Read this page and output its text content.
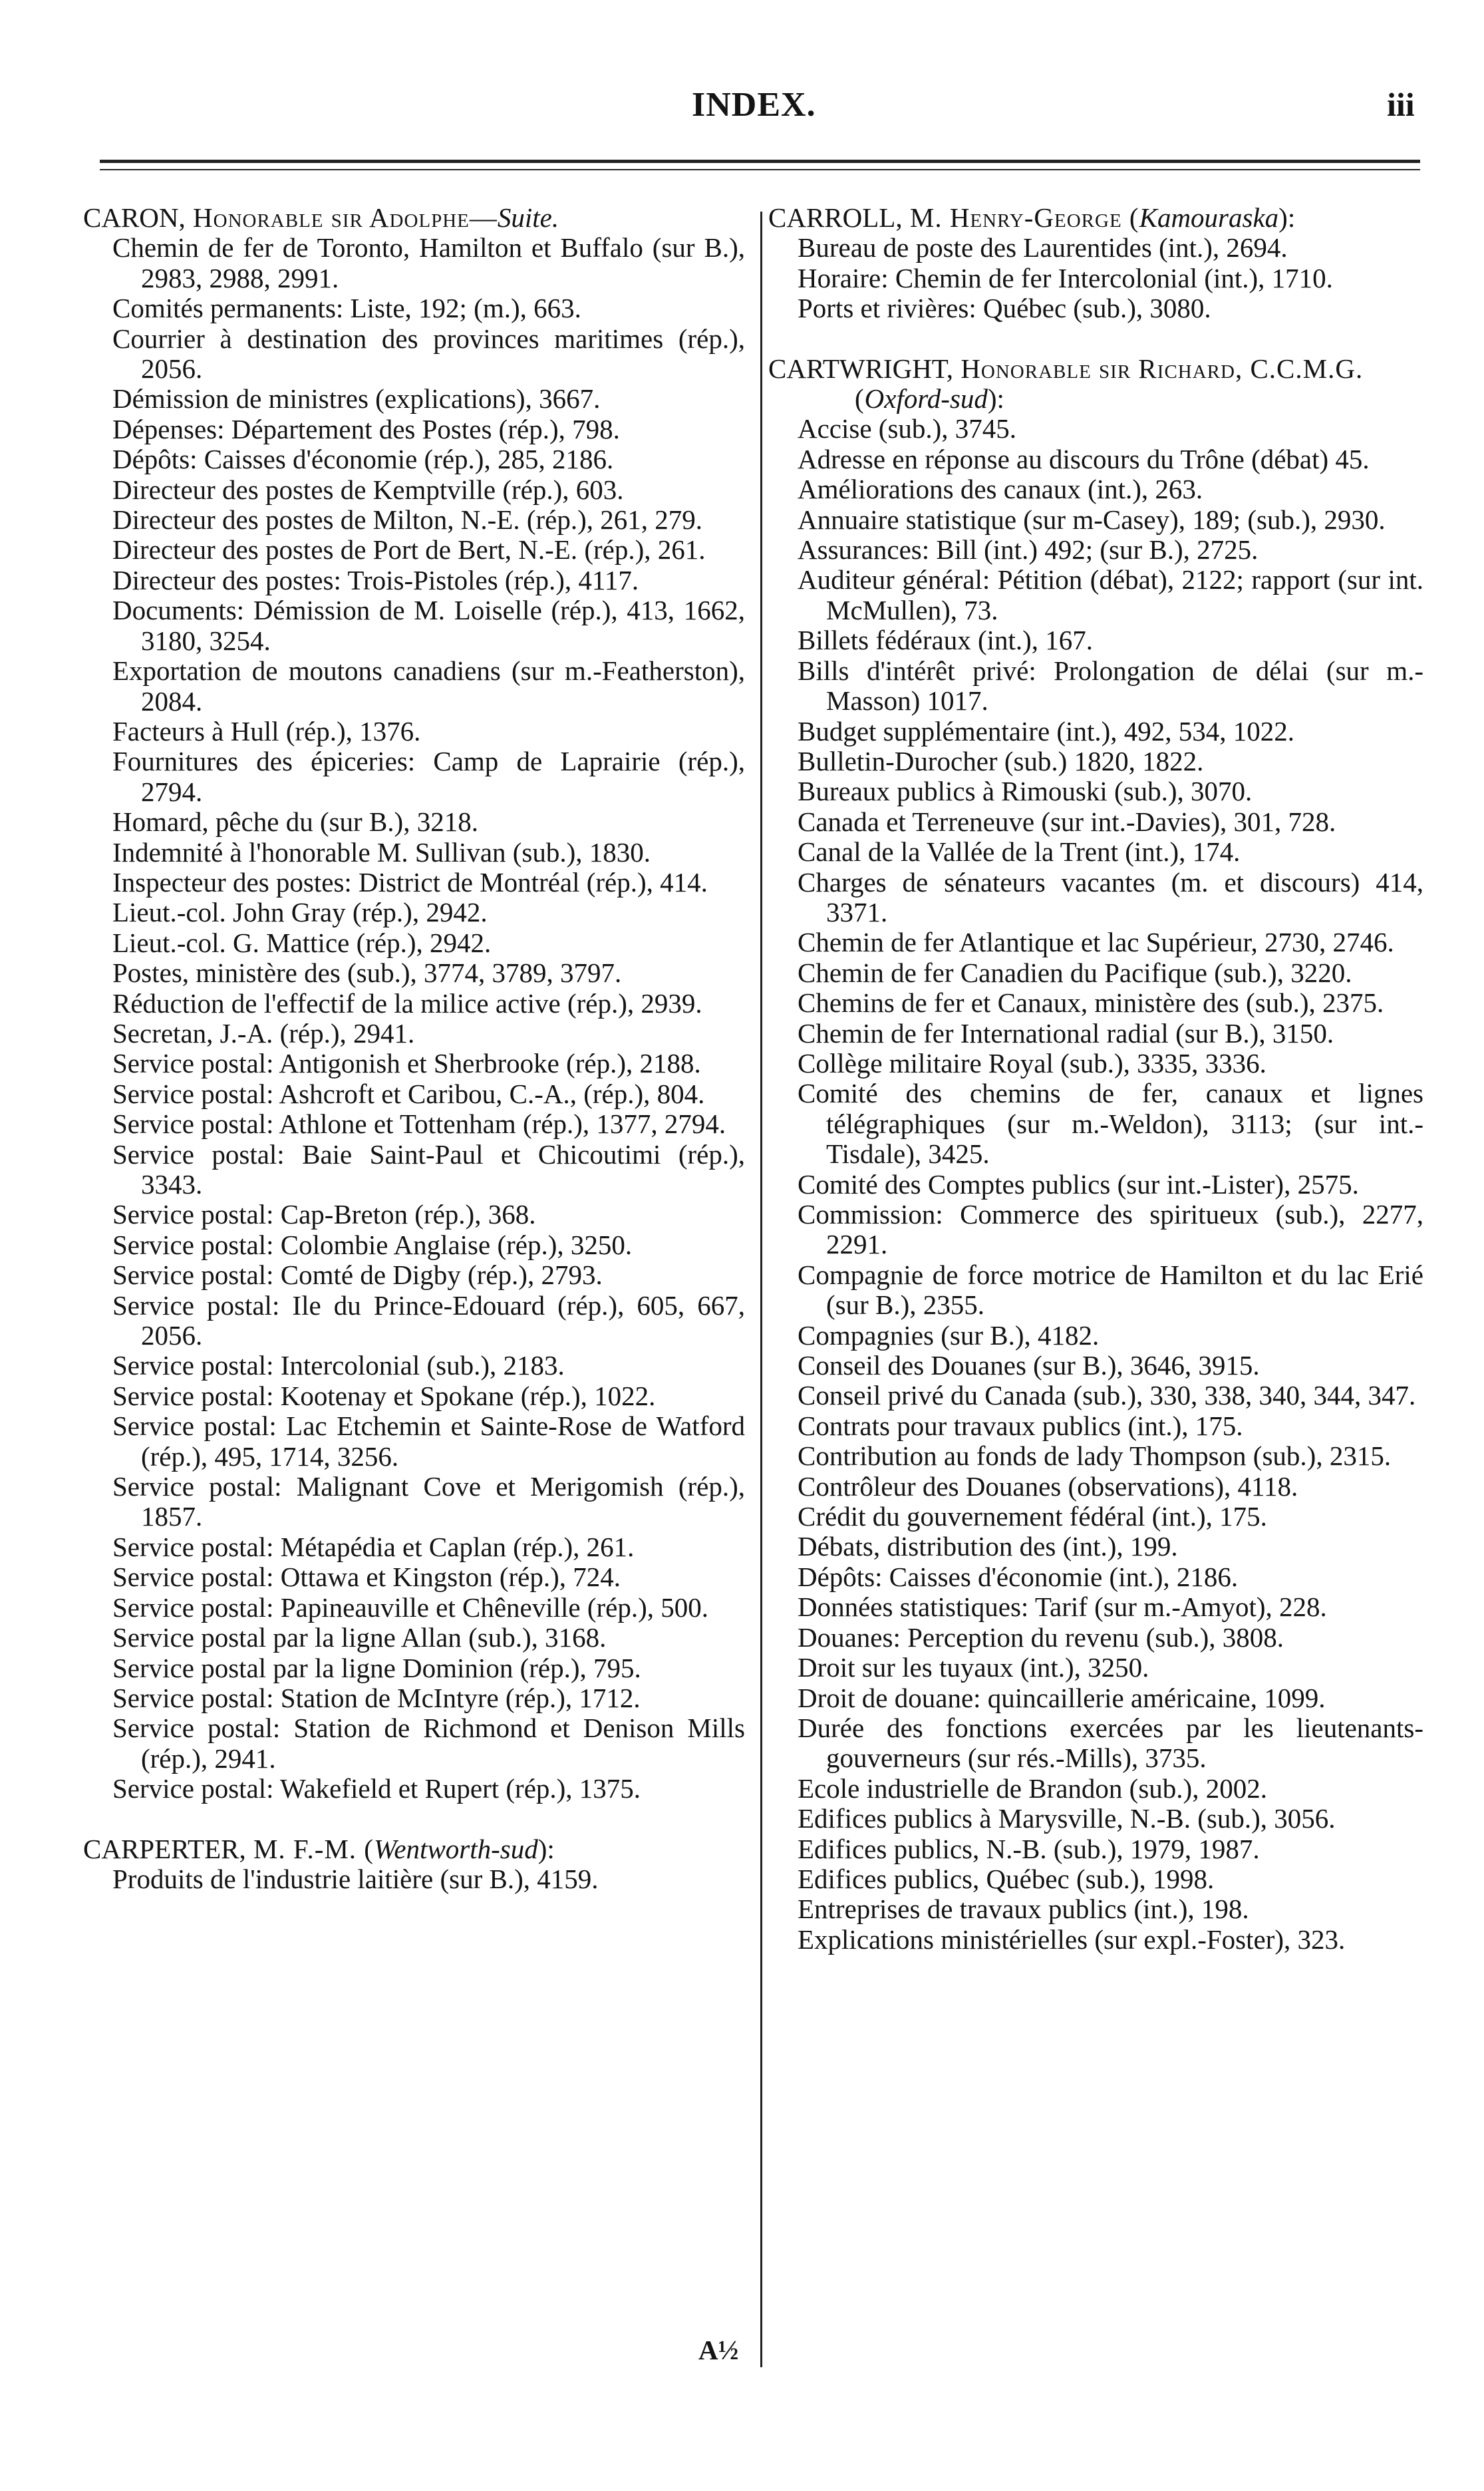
INDEX.	iii

CARON, Honorable sir Adolphe—Suite.

Chemin de fer de Toronto, Hamilton et Buffalo (sur B.), 2983, 2988, 2991.

Comités permanents: Liste, 192; (m.), 663.

Courrier à destination des provinces maritimes (rép.), 2056.

Démission de ministres (explications), 3667.

Dépenses: Département des Postes (rép.), 798.

Dépôts: Caisses d'économie (rép.), 285, 2186.

Directeur des postes de Kemptville (rép.), 603.

Directeur des postes de Milton, N.-E. (rép.), 261, 279.

Directeur des postes de Port de Bert, N.-E. (rép.), 261.

Directeur des postes: Trois-Pistoles (rép.), 4117.

Documents: Démission de M. Loiselle (rép.), 413, 1662, 3180, 3254.

Exportation de moutons canadiens (sur m.-Featherston), 2084.

Facteurs à Hull (rép.), 1376.

Fournitures des épiceries: Camp de Laprairie (rép.), 2794.

Homard, pêche du (sur B.), 3218.

Indemnité à l'honorable M. Sullivan (sub.), 1830.

Inspecteur des postes: District de Montréal (rép.), 414.

Lieut.-col. John Gray (rép.), 2942.

Lieut.-col. G. Mattice (rép.), 2942.

Postes, ministère des (sub.), 3774, 3789, 3797.

Réduction de l'effectif de la milice active (rép.), 2939.

Secretan, J.-A. (rép.), 2941.

Service postal: Antigonish et Sherbrooke (rép.), 2188.

Service postal: Ashcroft et Caribou, C.-A., (rép.), 804.

Service postal: Athlone et Tottenham (rép.), 1377, 2794.

Service postal: Baie Saint-Paul et Chicoutimi (rép.), 3343.

Service postal: Cap-Breton (rép.), 368.

Service postal: Colombie Anglaise (rép.), 3250.

Service postal: Comté de Digby (rép.), 2793.

Service postal: Ile du Prince-Edouard (rép.), 605, 667, 2056.

Service postal: Intercolonial (sub.), 2183.

Service postal: Kootenay et Spokane (rép.), 1022.

Service postal: Lac Etchemin et Sainte-Rose de Watford (rép.), 495, 1714, 3256.

Service postal: Malignant Cove et Merigomish (rép.), 1857.

Service postal: Métapédia et Caplan (rép.), 261.

Service postal: Ottawa et Kingston (rép.), 724.

Service postal: Papineauville et Chêneville (rép.), 500.

Service postal par la ligne Allan (sub.), 3168.

Service postal par la ligne Dominion (rép.), 795.

Service postal: Station de McIntyre (rép.), 1712.

Service postal: Station de Richmond et Denison Mills (rép.), 2941.

Service postal: Wakefield et Rupert (rép.), 1375.

CARPERTER, M. F.-M. (Wentworth-sud):

Produits de l'industrie laitière (sur B.), 4159.

CARROLL, M. Henry-George (Kamouraska):

Bureau de poste des Laurentides (int.), 2694.

Horaire: Chemin de fer Intercolonial (int.), 1710.

Ports et rivières: Québec (sub.), 3080.

CARTWRIGHT, Honorable sir Richard, C.C.M.G. (Oxford-sud):

Accise (sub.), 3745.

Adresse en réponse au discours du Trône (débat) 45.

Améliorations des canaux (int.), 263.

Annuaire statistique (sur m-Casey), 189; (sub.), 2930.

Assurances: Bill (int.) 492; (sur B.), 2725.

Auditeur général: Pétition (débat), 2122; rapport (sur int. McMullen), 73.

Billets fédéraux (int.), 167.

Bills d'intérêt privé: Prolongation de délai (sur m.-Masson) 1017.

Budget supplémentaire (int.), 492, 534, 1022.

Bulletin-Durocher (sub.) 1820, 1822.

Bureaux publics à Rimouski (sub.), 3070.

Canada et Terreneuve (sur int.-Davies), 301, 728.

Canal de la Vallée de la Trent (int.), 174.

Charges de sénateurs vacantes (m. et discours) 414, 3371.

Chemin de fer Atlantique et lac Supérieur, 2730, 2746.

Chemin de fer Canadien du Pacifique (sub.), 3220.

Chemins de fer et Canaux, ministère des (sub.), 2375.

Chemin de fer International radial (sur B.), 3150.

Collège militaire Royal (sub.), 3335, 3336.

Comité des chemins de fer, canaux et lignes télégraphiques (sur m.-Weldon), 3113; (sur int.-Tisdale), 3425.

Comité des Comptes publics (sur int.-Lister), 2575.

Commission: Commerce des spiritueux (sub.), 2277, 2291.

Compagnie de force motrice de Hamilton et du lac Erié (sur B.), 2355.

Compagnies (sur B.), 4182.

Conseil des Douanes (sur B.), 3646, 3915.

Conseil privé du Canada (sub.), 330, 338, 340, 344, 347.

Contrats pour travaux publics (int.), 175.

Contribution au fonds de lady Thompson (sub.), 2315.

Contrôleur des Douanes (observations), 4118.

Crédit du gouvernement fédéral (int.), 175.

Débats, distribution des (int.), 199.

Dépôts: Caisses d'économie (int.), 2186.

Données statistiques: Tarif (sur m.-Amyot), 228.

Douanes: Perception du revenu (sub.), 3808.

Droit sur les tuyaux (int.), 3250.

Droit de douane: quincaillerie américaine, 1099.

Durée des fonctions exercées par les lieutenants-gouverneurs (sur rés.-Mills), 3735.

Ecole industrielle de Brandon (sub.), 2002.

Edifices publics à Marysville, N.-B. (sub.), 3056.

Edifices publics, N.-B. (sub.), 1979, 1987.

Edifices publics, Québec (sub.), 1998.

Entreprises de travaux publics (int.), 198.

Explications ministérielles (sur expl.-Foster), 323.

A½
